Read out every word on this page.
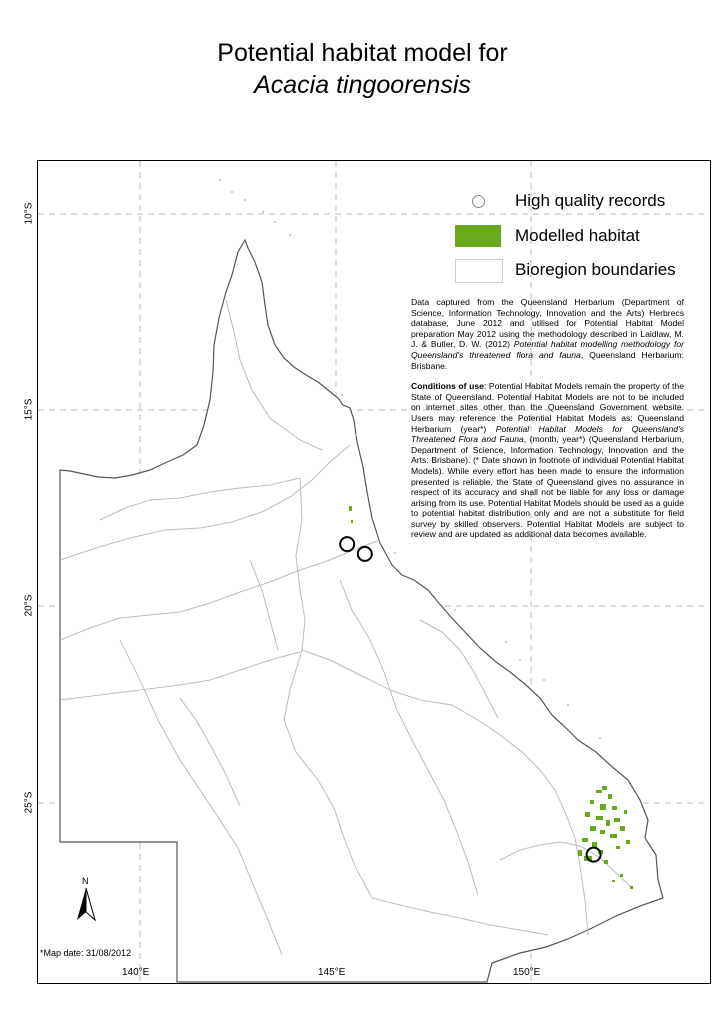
Potential habitat model for
Acacia tingoorensis
10°S
15°S
20°S
25°S
140°E	145°E	150°E
High quality records
Modelled habitat
Bioregion boundaries

Data captured from the Queensland Herbarium (Department of Science, Information Technology, Innovation and the Arts) Herbrecs database, June 2012 and utilised for Potential Habitat Model preparation May 2012 using the methodology described in Laidlaw, M. J. & Butler, D. W. (2012) Potential habitat modelling methodology for Queensland's threatened flora and fauna, Queensland Herbarium: Brisbane.

Conditions of use: Potential Habitat Models remain the property of the State of Queensland. Potential Habitat Models are not to be included on internet sites other than the Queensland Government website. Users may reference the Potential Habitat Models as: Queensland Herbarium (year*) Potential Habitat Models for Queensland's Threatened Flora and Fauna, (month, year*) (Queensland Herbarium, Department of Science, Information Technology, Innovation and the Arts: Brisbane). (* Date shown in footnote of individual Potential Habitat Models). While every effort has been made to ensure the information presented is reliable, the State of Queensland gives no assurance in respect of its accuracy and shall not be liable for any loss or damage arising from its use. Potential Habitat Models should be used as a guide to potential habitat distribution only and are not a substitute for field survey by skilled observers. Potential Habitat Models are subject to review and are updated as additional data becomes available.

N
*Map date: 31/08/2012
